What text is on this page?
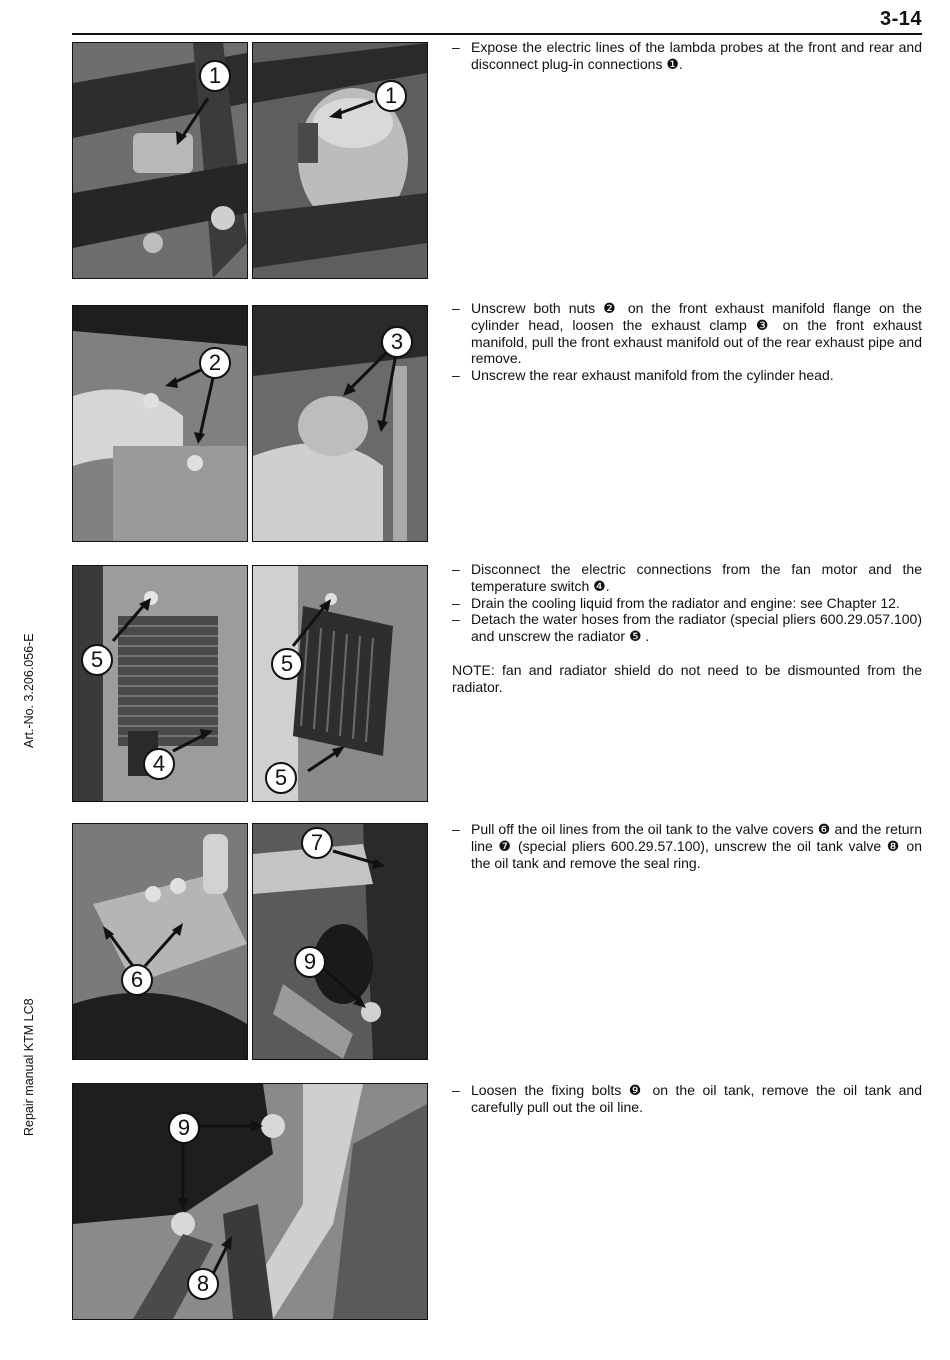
3-14
Art.-No. 3.206.056-E
Repair manual KTM LC8
1
1
2
3
5
4
5
5
6
7
9
9
8
– Expose the electric lines of the lambda probes at the front and rear and disconnect plug-in connections ❶.
– Unscrew both nuts ❷ on the front exhaust manifold flange on the cylinder head, loosen the exhaust clamp ❸ on the front exhaust manifold, pull the front exhaust manifold out of the rear exhaust pipe and remove.
– Unscrew the rear exhaust manifold from the cylinder head.
– Disconnect the electric connections from the fan motor and the temperature switch ❹.
– Drain the cooling liquid from the radiator and engine: see Chapter 12.
– Detach the water hoses from the radiator (special pliers 600.29.057.100) and unscrew the radiator ❺ .
NOTE: fan and radiator shield do not need to be dismounted from the radiator.
– Pull off the oil lines from the oil tank to the valve covers ❻ and the return line ❼ (special pliers 600.29.57.100), unscrew the oil tank valve ❽ on the oil tank and remove the seal ring.
– Loosen the fixing bolts ❾ on the oil tank, remove the oil tank and carefully pull out the oil line.
